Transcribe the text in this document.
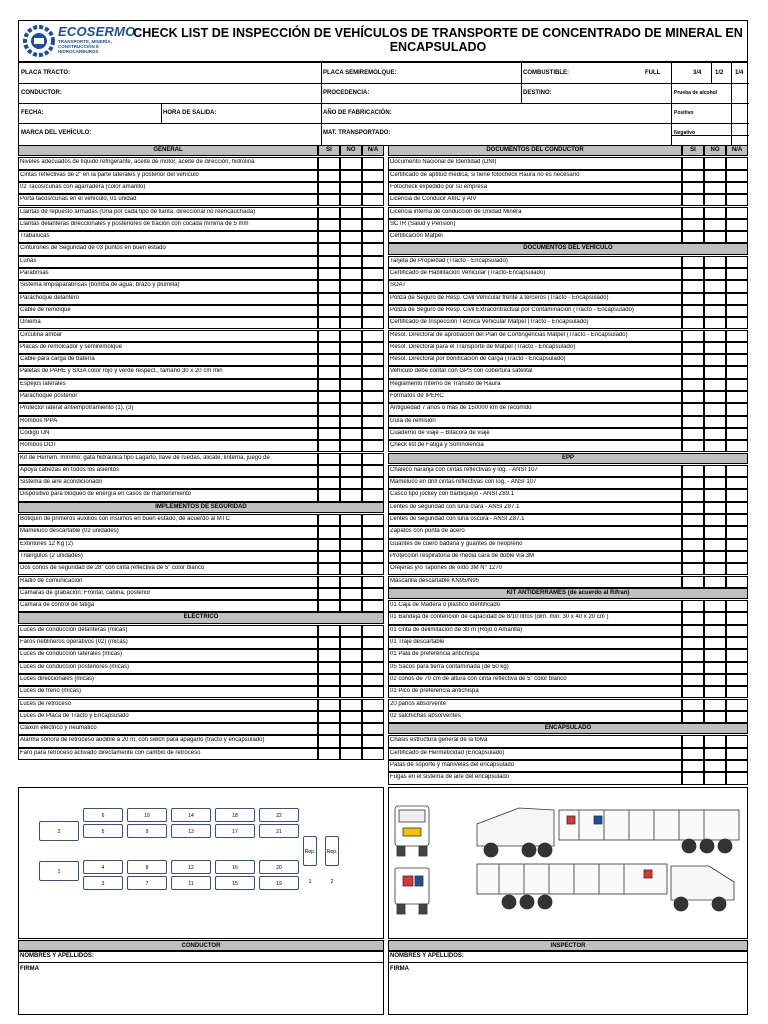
ECOSERMO
TRANSPORTE, MINERÍA, CONSTRUCCIÓN E HIDROCARBUROS
CHECK LIST DE INSPECCIÓN DE VEHÍCULOS DE TRANSPORTE DE CONCENTRADO DE MINERAL EN ENCAPSULADO
PLACA TRACTO:	PLACA SEMIREMOLQUE:	COMBUSTIBLE:	FULL	3/4 1/2 1/4
CONDUCTOR:	PROCEDENCIA:	DESTINO:	Prueba de alcohol
FECHA:	HORA DE SALIDA:	AÑO DE FABRICACIÓN:	Positivo
MARCA DEL VEHÍCULO:	MAT. TRANSPORTADO:	Negativo
GENERAL	SI	NO	N/A
Niveles adecuados de líquido refrigerante, aceite de motor, aceite de dirección, hidrolina
Cintas reflectivas de 2" en la parte laterales y posterior del vehículo
02 Tacos/cuñas con agarradera (color amarillo)
Porta tacos/cuñas en el vehículo, 01 unidad
Llantas de repuesto armadas (Una por cada tipo de llanta, direccional no reencauchada)
Llantas delanteras direccionales y posteriores de tración con cocada mínima de 5 mm
Trabalucas
Cinturones de Seguridad de 03 puntos en buen estado
Lunas
Parabrisas
Sistema limpiaparabrisas (bomba de agua, brazo y plumilla)
Parachoque delantero
Cable de remolque
Uniema
Circulina ámbar
Placas de remolcador y semiremolque
Cable para carga de batería
Paletas de PARE y SIGA color rojo y verde respect., tamaño 30 x 20 cm min
Espejos laterales
Parachoque posterior
Protector lateral antiempotramiento (1), (3)
Rombos IPPA
Código UN
Rombos DOT
Kit de Herrem. mínimo: gata hidráulica tipo Lagarto, llave de ruedas, alicate, linterna, juego de
Apoya cabezas en todos los asientos
Sistema de aire acondicionado
Dispositivo para bloqueo de energía en casos de mantenimiento
IMPLEMENTOS DE SEGURIDAD
Botiquín de primeros auxilios con insumos en buen estado, de acuerdo al MTC
Mameluco descartable (02 unidades)
Extintores 12 Kg (2)
Triángulos (2 unidades)
Dos conos de seguridad de 28" con cinta reflectiva de 5" color blanco
Radio de comunicación
Cámaras de grabación: Frontal, cabina, posterior
Cámara de control de fatiga
ELÉCTRICO
Luces de conducción delanteras (micas)
Faros neblineros operativos (02) (micas)
Luces de conducción laterales (micas)
Luces de conducción posteriores (micas)
Luces direccionales (micas)
Luces de freno (micas)
Luces de retroceso
Luces de Placa de Tracto y Encapsulado
Claxon eléctrico y neumático
Alarma sonora de retroceso audible a 20 m; con swich para apagarlo (tracto y encapsulado)
Faro para retroceso activado directamente con cambio de retroceso
DOCUMENTOS DEL CONDUCTOR	SI	NO	N/A
Documento Nacional de Identidad (DNI)
Certificado de aptitud médica, si tiene fotocheck Raura no es necesario
Fotocheck expedido por su empresa
Licencia de Conducir AIIIC y AIV
Licencia interna de conducción de Unidad Minera
SCTR (Salud y Pensión)
Certificación Matpel
DOCUMENTOS DEL VEHÍCULO
Tarjeta de Propiedad (Tracto - Encapsulado)
Certificado de Habilitación Vehicular (Tracto-Encapsulado)
SOAT
Póliza de Seguro de Resp. Civil Vehicular frente a terceros (Tracto - Encapsulado)
Póliza de Seguro de Resp. Civil Extracontractual por Contaminación (Tracto - Encapsulado)
Certificado de Inspección Técnica Vehicular Matpel (Tracto - Encapsulado)
Resol. Directoral de aprobación del Plan de Contingencias Matpel (Tracto - Encapsulado)
Resol. Directoral para el Transporte de Matpel (Tracto - Encapsulado)
Resol. Directoral por bonificación de carga (Tracto - Encapsulado)
Vehículo debe contar con GPS con cobertura satelital
Reglamento Interno de Tránsito de Raura
Formatos de IPERC
Antigüedad 7 años o más de 150000 km de recorrido
Guía de remisión
Cuaderno de viaje – Bitácora de viaje
Check list de Fatiga y Somnolencia
EPP
Chaleco naranja con cintas reflectivas y log. - ANSI 107
Mameluco en drill cintas reflectivas con log. - ANSI 107
Casco tipo jockey con barbiquejo - ANSI Z89.1
Lentes de seguridad con luna clara - ANSI Z87.1
Lentes de seguridad con luna oscura - ANSI Z87.1
Zapatos con punta de acero
Guantes de cuero badana y guantes de neopreno
Protección respiratoria de media cara de doble vía 3M
Orejeras y/o Tapones de oído 3M N° 1270
Mascarilla descartable KN95/N95
KIT ANTIDERRAMES (de acuerdo al Rifran)
01 Caja de Madera o plástico identificado
01 Bandeja de contención de capacidad de 8/10 litros (dim. min: 30 x 40 x 20 cm )
01 cinta de delimitación de 30 m (Rojo ó Amarilla)
01 Traje descartable
01 Pala de preferencia antichispa
05 Sacos para tierra contaminada (de 50 kg)
02 conos de 70 cm de altura con cinta reflectiva de 5" color blanco
01 Pico de preferencia antichispa
20 paños absorvente
02 salchichas absorventes
ENCAPSULADO
Chasis estructura general de la tolva
Certificado de Hermeticidad (Encapsulado)
Patas de soporte y manivelas del encapsulado
Fugas en el sistema de aire del encapsulado
2
1
6
5
4
3
10
9
8
7
14
13
12
11
18
17
16
15
22
21
20
19
Rep. 1
Rep. 2
CONDUCTOR	INSPECTOR
NOMBRES Y APELLIDOS:
FIRMA
NOMBRES Y APELLIDOS:
FIRMA
